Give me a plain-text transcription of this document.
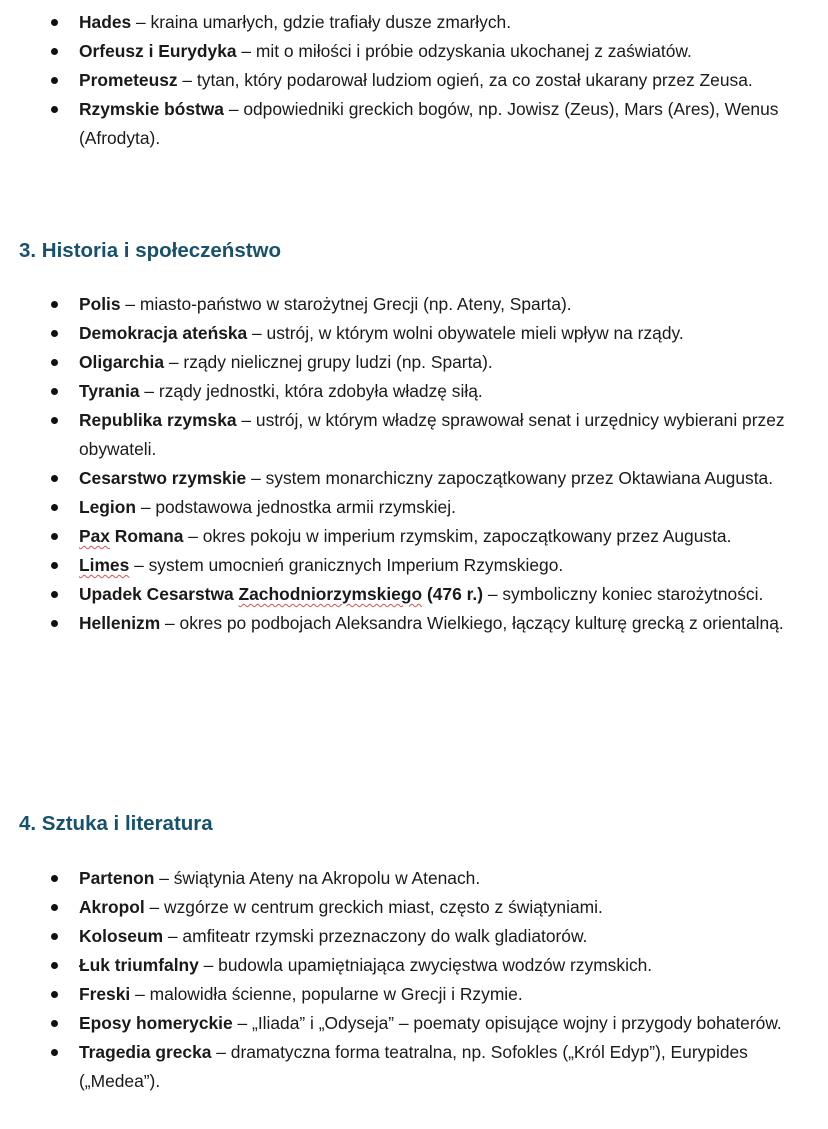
Hades – kraina umarłych, gdzie trafiały dusze zmarłych.
Orfeusz i Eurydyka – mit o miłości i próbie odzyskania ukochanej z zaświatów.
Prometeusz – tytan, który podarował ludziom ogień, za co został ukarany przez Zeusa.
Rzymskie bóstwa – odpowiedniki greckich bogów, np. Jowisz (Zeus), Mars (Ares), Wenus (Afrodyta).
3. Historia i społeczeństwo
Polis – miasto-państwo w starożytnej Grecji (np. Ateny, Sparta).
Demokracja ateńska – ustrój, w którym wolni obywatele mieli wpływ na rządy.
Oligarchia – rządy nielicznej grupy ludzi (np. Sparta).
Tyrania – rządy jednostki, która zdobyła władzę siłą.
Republika rzymska – ustrój, w którym władzę sprawował senat i urzędnicy wybierani przez obywateli.
Cesarstwo rzymskie – system monarchiczny zapoczątkowany przez Oktawiana Augusta.
Legion – podstawowa jednostka armii rzymskiej.
Pax Romana – okres pokoju w imperium rzymskim, zapoczątkowany przez Augusta.
Limes – system umocnień granicznych Imperium Rzymskiego.
Upadek Cesarstwa Zachodniorzymskiego (476 r.) – symboliczny koniec starożytności.
Hellenizm – okres po podbojach Aleksandra Wielkiego, łączący kulturę grecką z orientalną.
4. Sztuka i literatura
Partenon – świątynia Ateny na Akropolu w Atenach.
Akropol – wzgórze w centrum greckich miast, często z świątyniami.
Koloseum – amfiteatr rzymski przeznaczony do walk gladiatorów.
Łuk triumfalny – budowla upamiętniająca zwycięstwa wodzów rzymskich.
Freski – malowidła ścienne, popularne w Grecji i Rzymie.
Eposy homeryckie – „Iliada” i „Odyseja” – poematy opisujące wojny i przygody bohaterów.
Tragedia grecka – dramatyczna forma teatralna, np. Sofokles („Król Edyp”), Eurypides („Medea”).
